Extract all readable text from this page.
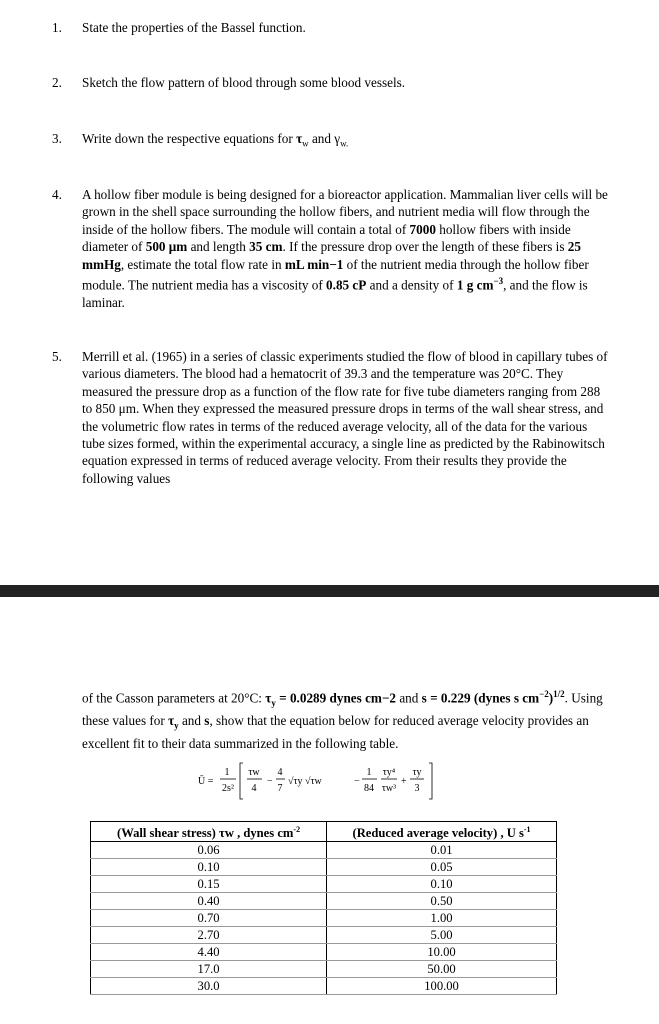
1.	State the properties of the Bassel function.
2.	Sketch the flow pattern of blood through some blood vessels.
3.	Write down the respective equations for $\tau_w$ and $\gamma_{w.}$
4.	A hollow fiber module is being designed for a bioreactor application. Mammalian liver cells will be grown in the shell space surrounding the hollow fibers, and nutrient media will flow through the inside of the hollow fibers. The module will contain a total of 7000 hollow fibers with inside diameter of 500 μm and length 35 cm. If the pressure drop over the length of these fibers is 25 mmHg, estimate the total flow rate in mL min−1 of the nutrient media through the hollow fiber module. The nutrient media has a viscosity of 0.85 cP and a density of 1 g $cm^{-3}$, and the flow is laminar.
5.	Merrill et al. (1965) in a series of classic experiments studied the flow of blood in capillary tubes of various diameters. The blood had a hematocrit of 39.3 and the temperature was 20°C. They measured the pressure drop as a function of the flow rate for five tube diameters ranging from 288 to 850 μm. When they expressed the measured pressure drops in terms of the wall shear stress, and the volumetric flow rates in terms of the reduced average velocity, all of the data for the various tube sizes formed, within the experimental accuracy, a single line as predicted by the Rabinowitsch equation expressed in terms of reduced average velocity. From their results they provide the following values
of the Casson parameters at 20°C: $\tau_y = 0.0289$ dynes cm−2 and s = 0.229 (dynes s $cm^{-2})^{1/2}$. Using these values for $\tau_y$ and s, show that the equation below for reduced average velocity provides an excellent fit to their data summarized in the following table.
Ū =
1
2s²
τw
4
−
4
7
√τy √τw	−
1
84
τy⁴
τw³
+
τy
3
(Wall shear stress) τw , dynes $cm^{-2}$	(Reduced average velocity) , U $s^{-1}$
0.06	0.01
0.10	0.05
0.15	0.10
0.40	0.50
0.70	1.00
2.70	5.00
4.40	10.00
17.0	50.00
30.0	100.00
